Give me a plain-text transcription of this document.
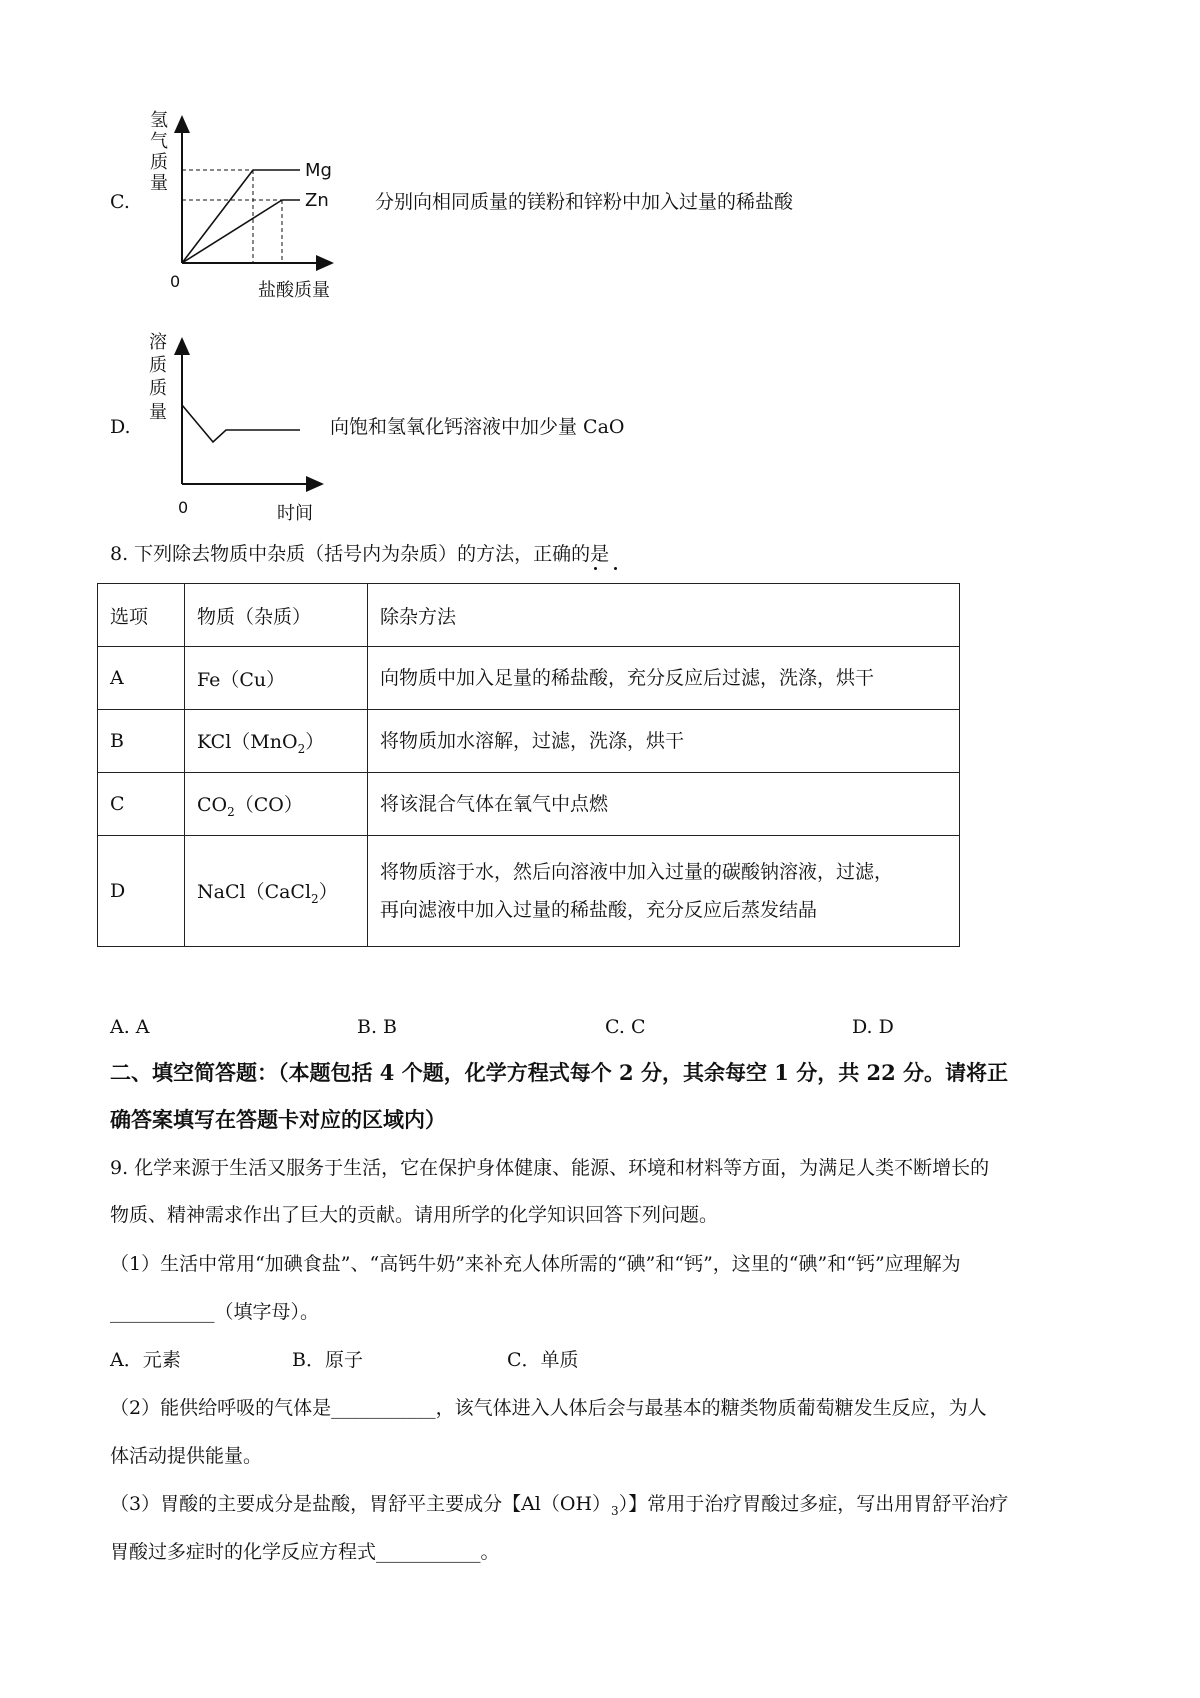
C.
氢
气
质
量
0	盐酸质量
Mg
Zn 分别向相同质量的镁粉和锌粉中加入过量的稀盐酸
D.
溶
质
质
量
0	时间
向饱和氢氧化钙溶液中加少量 CaO
8. 下列除去物质中杂质（括号内为杂质）的方法，正确的是
选项	物质（杂质）	除杂方法
A	Fe（Cu）	向物质中加入足量的稀盐酸，充分反应后过滤，洗涤，烘干
B	KCl（MnO$_2$）	将物质加水溶解，过滤，洗涤，烘干
C	$CO_2(CO)$	将该混合气体在氧气中点燃
D	NaCl（CaCl$_2$）	将物质溶于水，然后向溶液中加入过量的碳酸钠溶液，过滤，
再向滤液中加入过量的稀盐酸，充分反应后蒸发结晶
A. A	B. B	C. C	D. D
二、填空简答题：（本题包括 4 个题，化学方程式每个 2 分，其余每空 1 分，共 22 分。请将正
确答案填写在答题卡对应的区域内）
9. 化学来源于生活又服务于生活，它在保护身体健康、能源、环境和材料等方面，为满足人类不断增长的
物质、精神需求作出了巨大的贡献。请用所学的化学知识回答下列问题。
（1）生活中常用“加碘食盐”、“高钙牛奶”来补充人体所需的“碘”和“钙”，这里的“碘”和“钙”应理解为
___________（填字母）。
A．元素	B．原子	C．单质
（2）能供给呼吸的气体是___________，该气体进入人体后会与最基本的糖类物质葡萄糖发生反应，为人
体活动提供能量。
（3）胃酸的主要成分是盐酸，胃舒平主要成分【$Al(OH)_3$）】常用于治疗胃酸过多症，写出用胃舒平治疗
胃酸过多症时的化学反应方程式___________。
